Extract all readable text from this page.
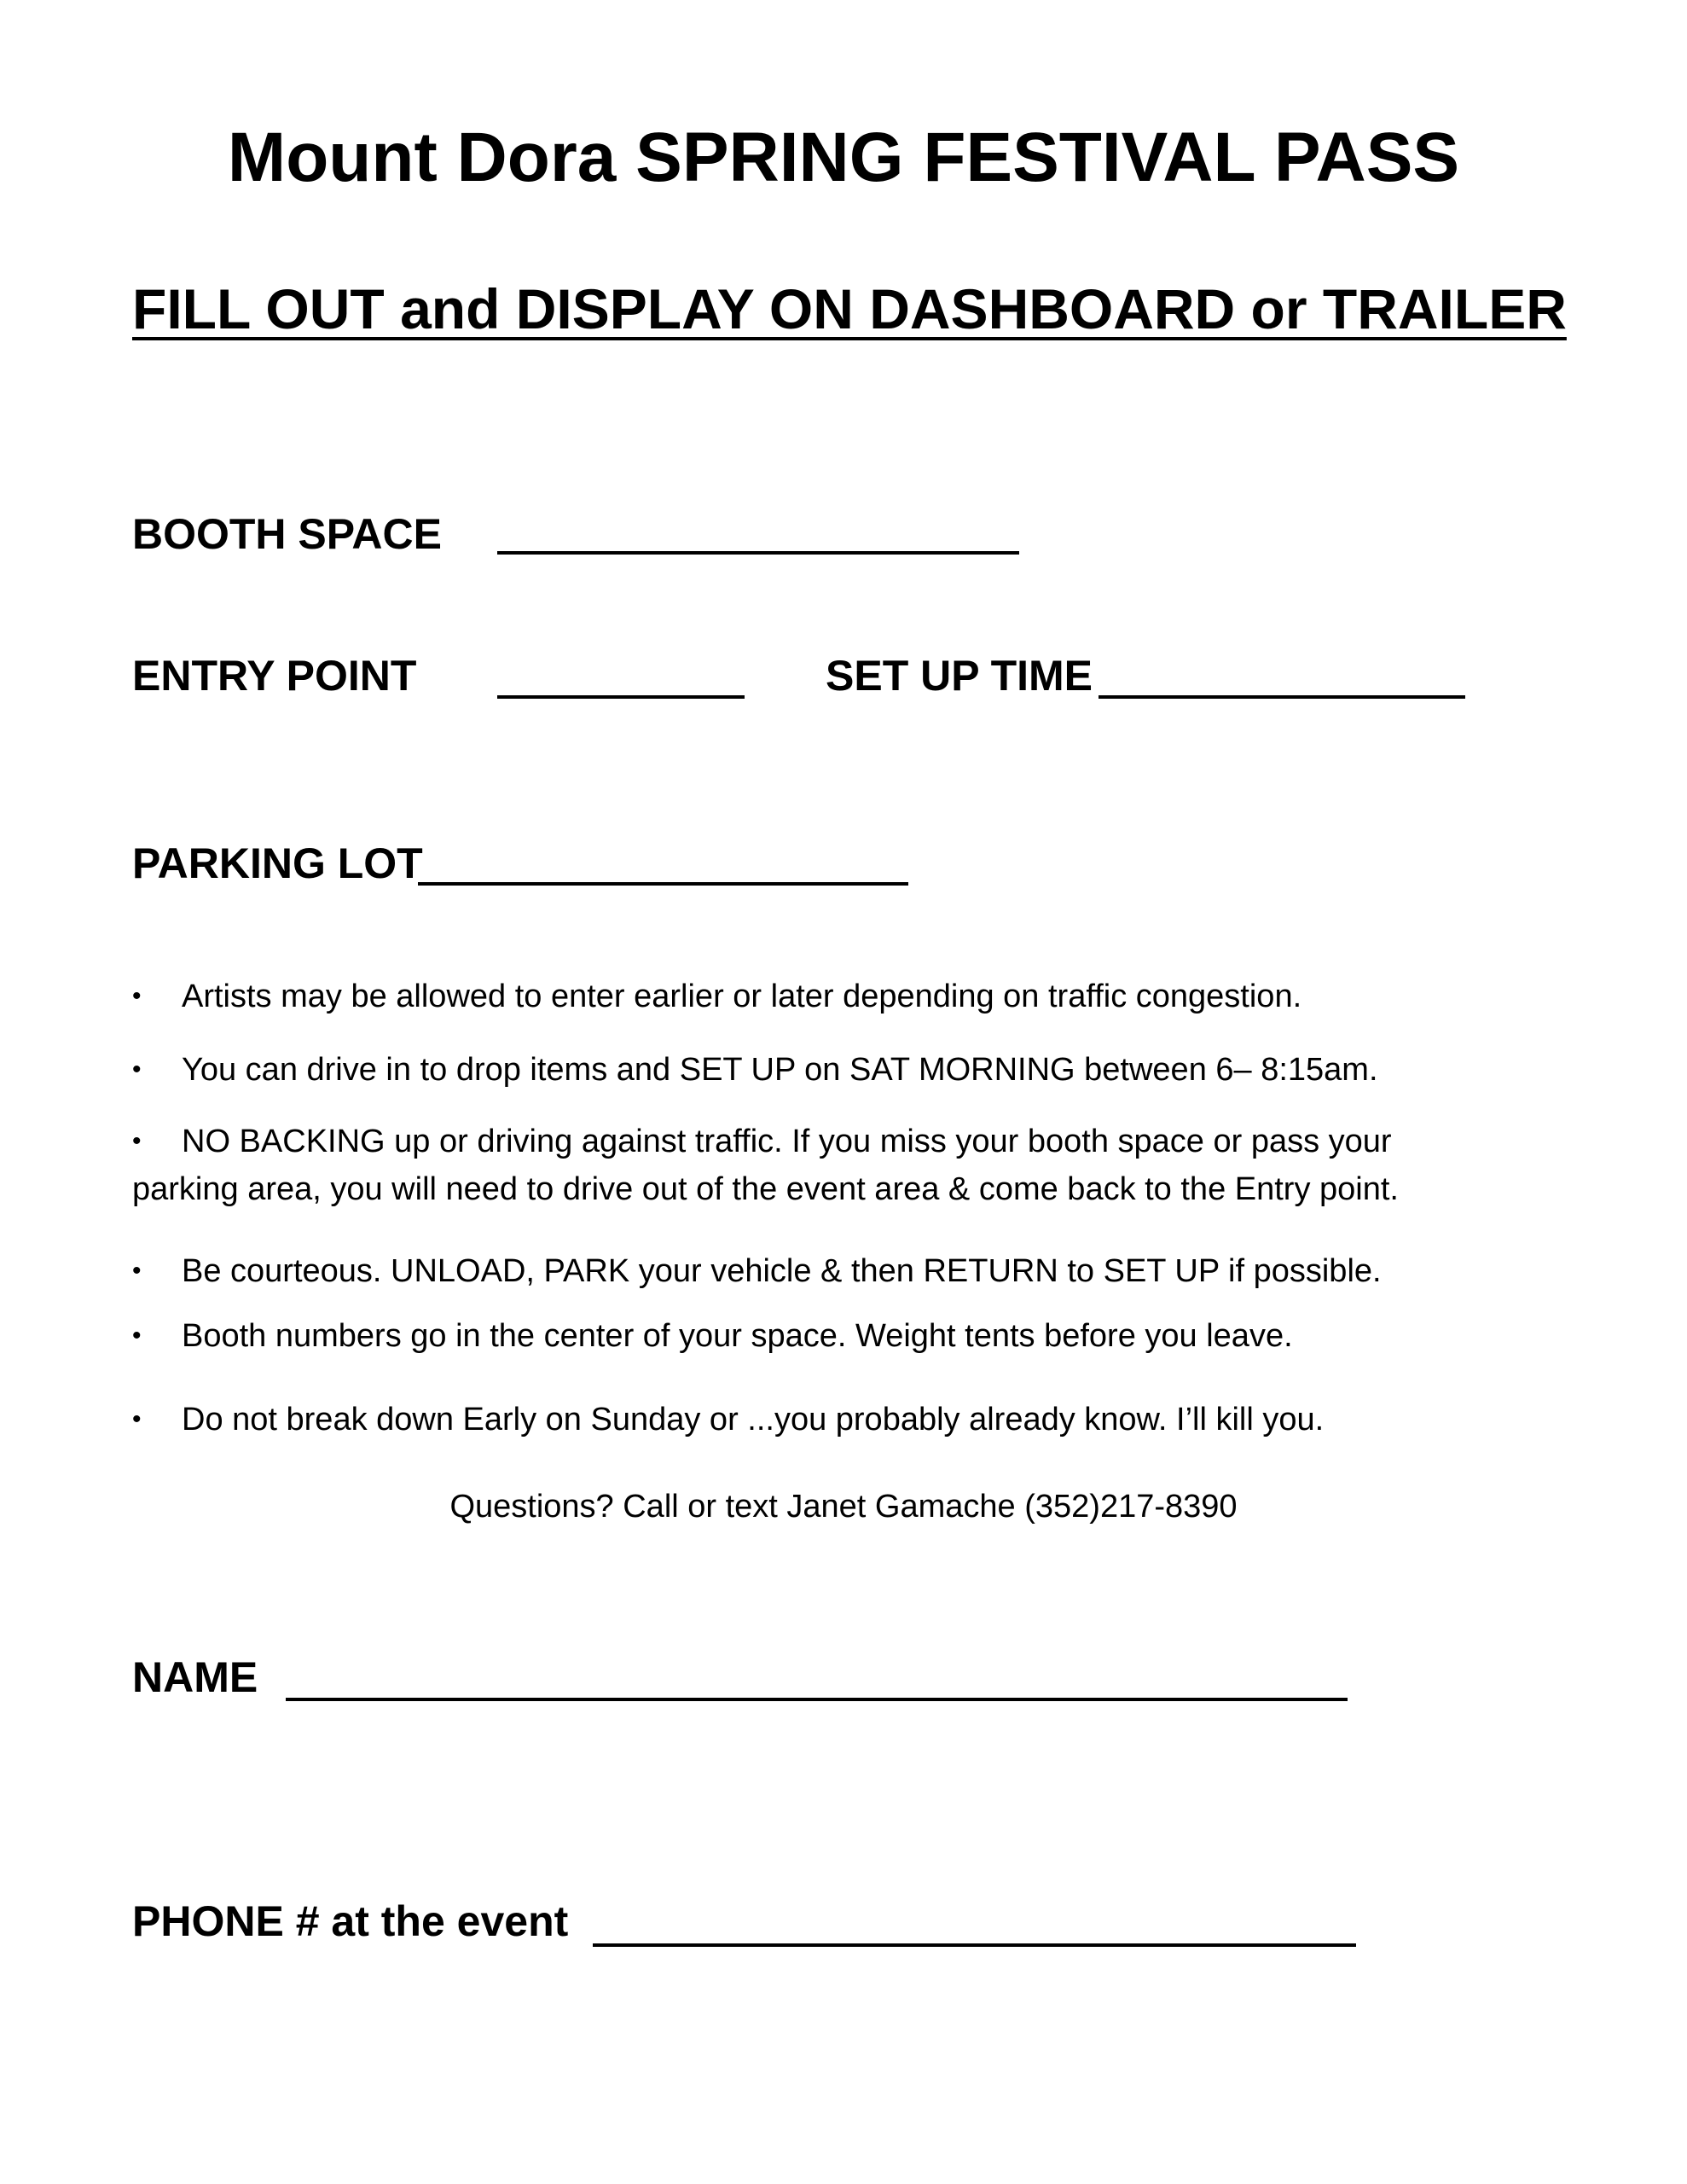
Mount Dora SPRING FESTIVAL PASS
FILL OUT and DISPLAY ON DASHBOARD or TRAILER
BOOTH SPACE
ENTRY POINT	SET UP TIME
PARKING LOT
• Artists may be allowed to enter earlier or later depending on traffic congestion.
• You can drive in to drop items and SET UP on SAT MORNING between 6– 8:15am.
• NO BACKING up or driving against traffic. If you miss your booth space or pass your
parking area, you will need to drive out of the event area & come back to the Entry point.
• Be courteous. UNLOAD, PARK your vehicle & then RETURN to SET UP if possible.
• Booth numbers go in the center of your space. Weight tents before you leave.
• Do not break down Early on Sunday or ...you probably already know. I’ll kill you.
Questions? Call or text Janet Gamache (352)217-8390
NAME
PHONE # at the event
